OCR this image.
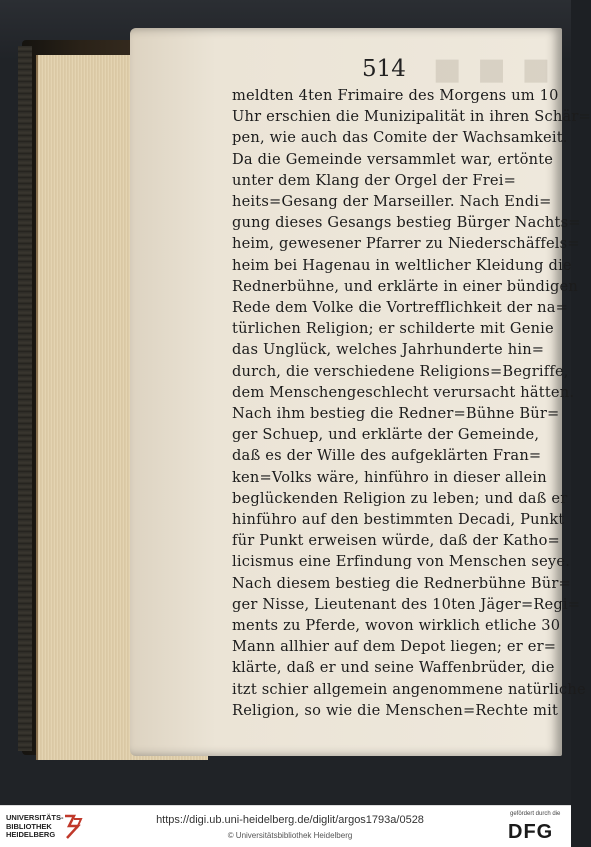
■■■
514
meldten 4ten Frimaire des Morgens um 10
Uhr erschien die Munizipalität in ihren Schär=
pen, wie auch das Comite der Wachsamkeit.
Da die Gemeinde versammlet war, ertönte
unter dem Klang der Orgel der Frei=
heits=Gesang der Marseiller. Nach Endi=
gung dieses Gesangs bestieg Bürger Nachts=
heim, gewesener Pfarrer zu Niederschäffels=
heim bei Hagenau in weltlicher Kleidung die
Rednerbühne, und erklärte in einer bündigen
Rede dem Volke die Vortrefflichkeit der na=
türlichen Religion; er schilderte mit Genie
das Unglück, welches Jahrhunderte hin=
durch, die verschiedene Religions=Begriffe,
dem Menschengeschlecht verursacht hätten.
Nach ihm bestieg die Redner=Bühne Bür=
ger Schuep, und erklärte der Gemeinde,
daß es der Wille des aufgeklärten Fran=
ken=Volks wäre, hinführo in dieser allein
beglückenden Religion zu leben; und daß er
hinführo auf den bestimmten Decadi, Punkt
für Punkt erweisen würde, daß der Katho=
licismus eine Erfindung von Menschen seye.
Nach diesem bestieg die Rednerbühne Bür=
ger Nisse, Lieutenant des 10ten Jäger=Regi=
ments zu Pferde, wovon wirklich etliche 30
Mann allhier auf dem Depot liegen; er er=
klärte, daß er und seine Waffenbrüder, die
itzt schier allgemein angenommene natürliche
Religion, so wie die Menschen=Rechte mit
UNIVERSITÄTS-
BIBLIOTHEK
HEIDELBERG
https://digi.ub.uni-heidelberg.de/diglit/argos1793a/0528
© Universitätsbibliothek Heidelberg
gefördert durch die
DFG
